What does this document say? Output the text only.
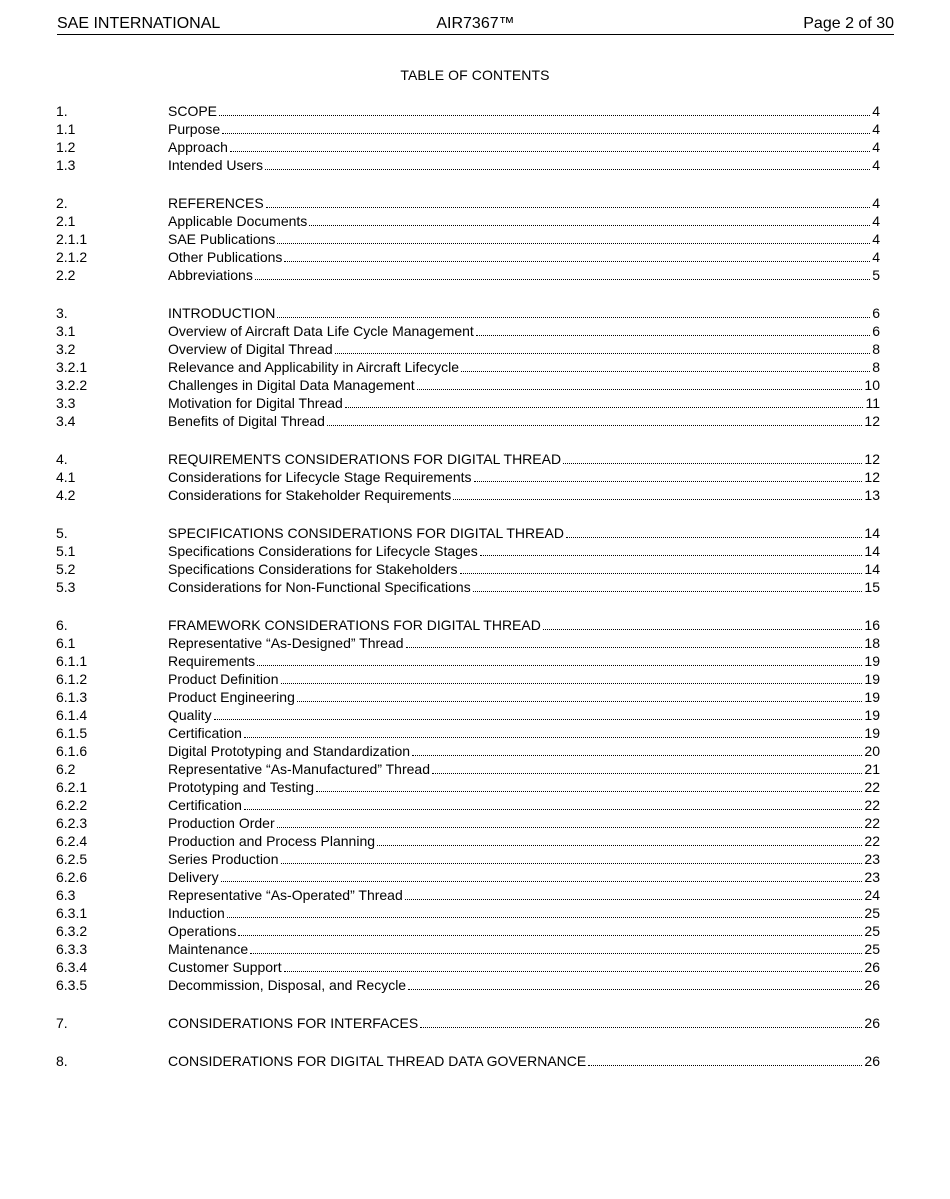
SAE INTERNATIONAL	AIR7367™	Page 2 of 30
TABLE OF CONTENTS
1.	SCOPE	4
1.1	Purpose	4
1.2	Approach	4
1.3	Intended Users	4
2.	REFERENCES	4
2.1	Applicable Documents	4
2.1.1	SAE Publications	4
2.1.2	Other Publications	4
2.2	Abbreviations	5
3.	INTRODUCTION	6
3.1	Overview of Aircraft Data Life Cycle Management	6
3.2	Overview of Digital Thread	8
3.2.1	Relevance and Applicability in Aircraft Lifecycle	8
3.2.2	Challenges in Digital Data Management	10
3.3	Motivation for Digital Thread	11
3.4	Benefits of Digital Thread	12
4.	REQUIREMENTS CONSIDERATIONS FOR DIGITAL THREAD	12
4.1	Considerations for Lifecycle Stage Requirements	12
4.2	Considerations for Stakeholder Requirements	13
5.	SPECIFICATIONS CONSIDERATIONS FOR DIGITAL THREAD	14
5.1	Specifications Considerations for Lifecycle Stages	14
5.2	Specifications Considerations for Stakeholders	14
5.3	Considerations for Non-Functional Specifications	15
6.	FRAMEWORK CONSIDERATIONS FOR DIGITAL THREAD	16
6.1	Representative “As-Designed” Thread	18
6.1.1	Requirements	19
6.1.2	Product Definition	19
6.1.3	Product Engineering	19
6.1.4	Quality	19
6.1.5	Certification	19
6.1.6	Digital Prototyping and Standardization	20
6.2	Representative “As-Manufactured” Thread	21
6.2.1	Prototyping and Testing	22
6.2.2	Certification	22
6.2.3	Production Order	22
6.2.4	Production and Process Planning	22
6.2.5	Series Production	23
6.2.6	Delivery	23
6.3	Representative “As-Operated” Thread	24
6.3.1	Induction	25
6.3.2	Operations	25
6.3.3	Maintenance	25
6.3.4	Customer Support	26
6.3.5	Decommission, Disposal, and Recycle	26
7.	CONSIDERATIONS FOR INTERFACES	26
8.	CONSIDERATIONS FOR DIGITAL THREAD DATA GOVERNANCE	26
